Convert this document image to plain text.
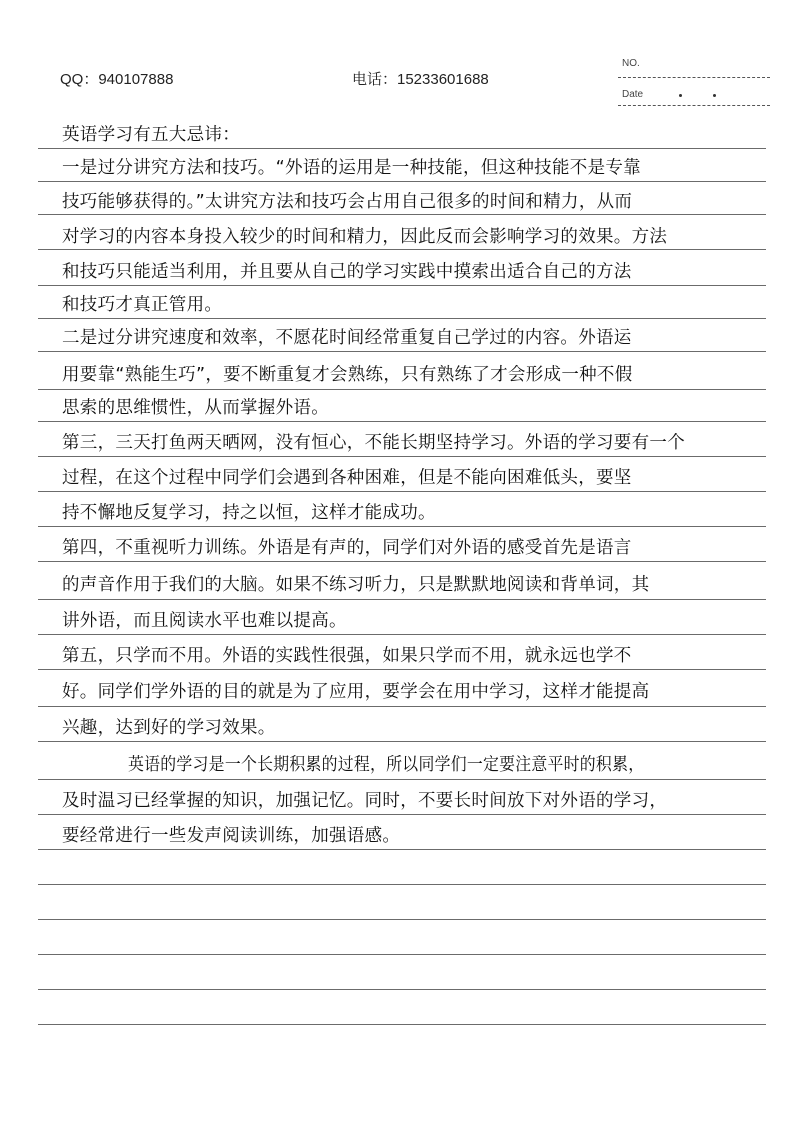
QQ：940107888	电话：15233601688
NO.
Date
英语学习有五大忌讳：
一是过分讲究方法和技巧。“外语的运用是一种技能，但这种技能不是专靠
技巧能够获得的。”太讲究方法和技巧会占用自己很多的时间和精力，从而
对学习的内容本身投入较少的时间和精力，因此反而会影响学习的效果。方法
和技巧只能适当利用，并且要从自己的学习实践中摸索出适合自己的方法
和技巧才真正管用。
二是过分讲究速度和效率，不愿花时间经常重复自己学过的内容。外语运
用要靠“熟能生巧”，要不断重复才会熟练，只有熟练了才会形成一种不假
思索的思维惯性，从而掌握外语。
第三，三天打鱼两天晒网，没有恒心，不能长期坚持学习。外语的学习要有一个
过程，在这个过程中同学们会遇到各种困难，但是不能向困难低头，要坚
持不懈地反复学习，持之以恒，这样才能成功。
第四，不重视听力训练。外语是有声的，同学们对外语的感受首先是语言
的声音作用于我们的大脑。如果不练习听力，只是默默地阅读和背单词，其
讲外语，而且阅读水平也难以提高。
第五，只学而不用。外语的实践性很强，如果只学而不用，就永远也学不
好。同学们学外语的目的就是为了应用，要学会在用中学习，这样才能提高
兴趣，达到好的学习效果。
英语的学习是一个长期积累的过程，所以同学们一定要注意平时的积累，
及时温习已经掌握的知识，加强记忆。同时，不要长时间放下对外语的学习，
要经常进行一些发声阅读训练，加强语感。
